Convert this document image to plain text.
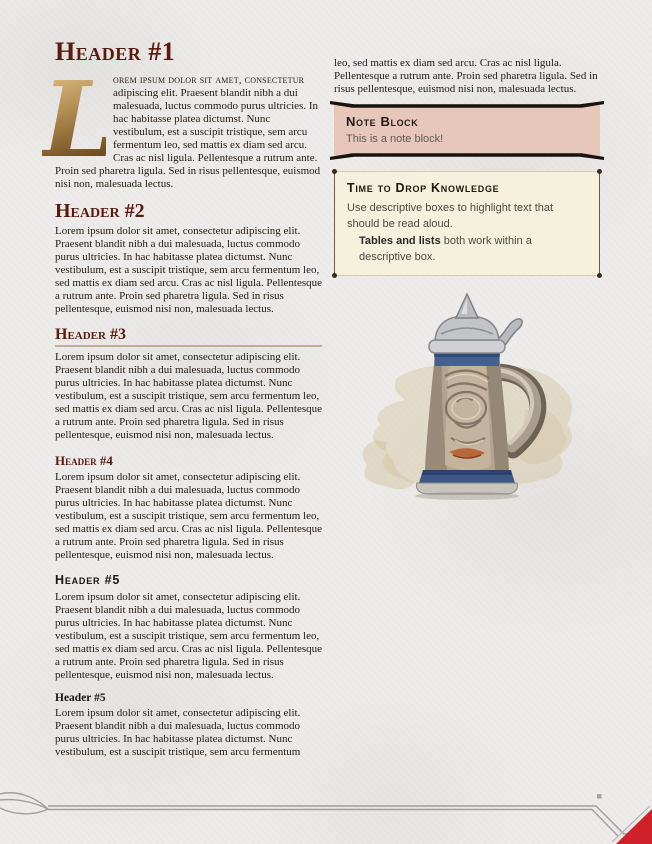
Header #1

L
orem ipsum dolor sit amet, consectetur adipiscing elit. Praesent blandit nibh a dui malesuada, luctus commodo purus ultricies. In hac habitasse platea dictumst. Nunc vestibulum, est a suscipit tristique, sem arcu fermentum leo, sed mattis ex diam sed arcu. Cras ac nisl ligula. Pellentesque a rutrum ante. Proin sed pharetra ligula. Sed in risus pellentesque, euismod nisi non, malesuada lectus.

Header #2

Lorem ipsum dolor sit amet, consectetur adipiscing elit. Praesent blandit nibh a dui malesuada, luctus commodo purus ultricies. In hac habitasse platea dictumst. Nunc vestibulum, est a suscipit tristique, sem arcu fermentum leo, sed mattis ex diam sed arcu. Cras ac nisl ligula. Pellentesque a rutrum ante. Proin sed pharetra ligula. Sed in risus pellentesque, euismod nisi non, malesuada lectus.

Header #3

Lorem ipsum dolor sit amet, consectetur adipiscing elit. Praesent blandit nibh a dui malesuada, luctus commodo purus ultricies. In hac habitasse platea dictumst. Nunc vestibulum, est a suscipit tristique, sem arcu fermentum leo, sed mattis ex diam sed arcu. Cras ac nisl ligula. Pellentesque a rutrum ante. Proin sed pharetra ligula. Sed in risus pellentesque, euismod nisi non, malesuada lectus.

Header #4

Lorem ipsum dolor sit amet, consectetur adipiscing elit. Praesent blandit nibh a dui malesuada, luctus commodo purus ultricies. In hac habitasse platea dictumst. Nunc vestibulum, est a suscipit tristique, sem arcu fermentum leo, sed mattis ex diam sed arcu. Cras ac nisl ligula. Pellentesque a rutrum ante. Proin sed pharetra ligula. Sed in risus pellentesque, euismod nisi non, malesuada lectus.

Header #5

Lorem ipsum dolor sit amet, consectetur adipiscing elit. Praesent blandit nibh a dui malesuada, luctus commodo purus ultricies. In hac habitasse platea dictumst. Nunc vestibulum, est a suscipit tristique, sem arcu fermentum leo, sed mattis ex diam sed arcu. Cras ac nisl ligula. Pellentesque a rutrum ante. Proin sed pharetra ligula. Sed in risus pellentesque, euismod nisi non, malesuada lectus.

Header #5

Lorem ipsum dolor sit amet, consectetur adipiscing elit. Praesent blandit nibh a dui malesuada, luctus commodo purus ultricies. In hac habitasse platea dictumst. Nunc vestibulum, est a suscipit tristique, sem arcu fermentum

leo, sed mattis ex diam sed arcu. Cras ac nisl ligula. Pellentesque a rutrum ante. Proin sed pharetra ligula. Sed in risus pellentesque, euismod nisi non, malesuada lectus.

Note Block
This is a note block!
Time to Drop Knowledge
Use descriptive boxes to highlight text that should be read aloud.
Tables and lists both work within a descriptive box.
